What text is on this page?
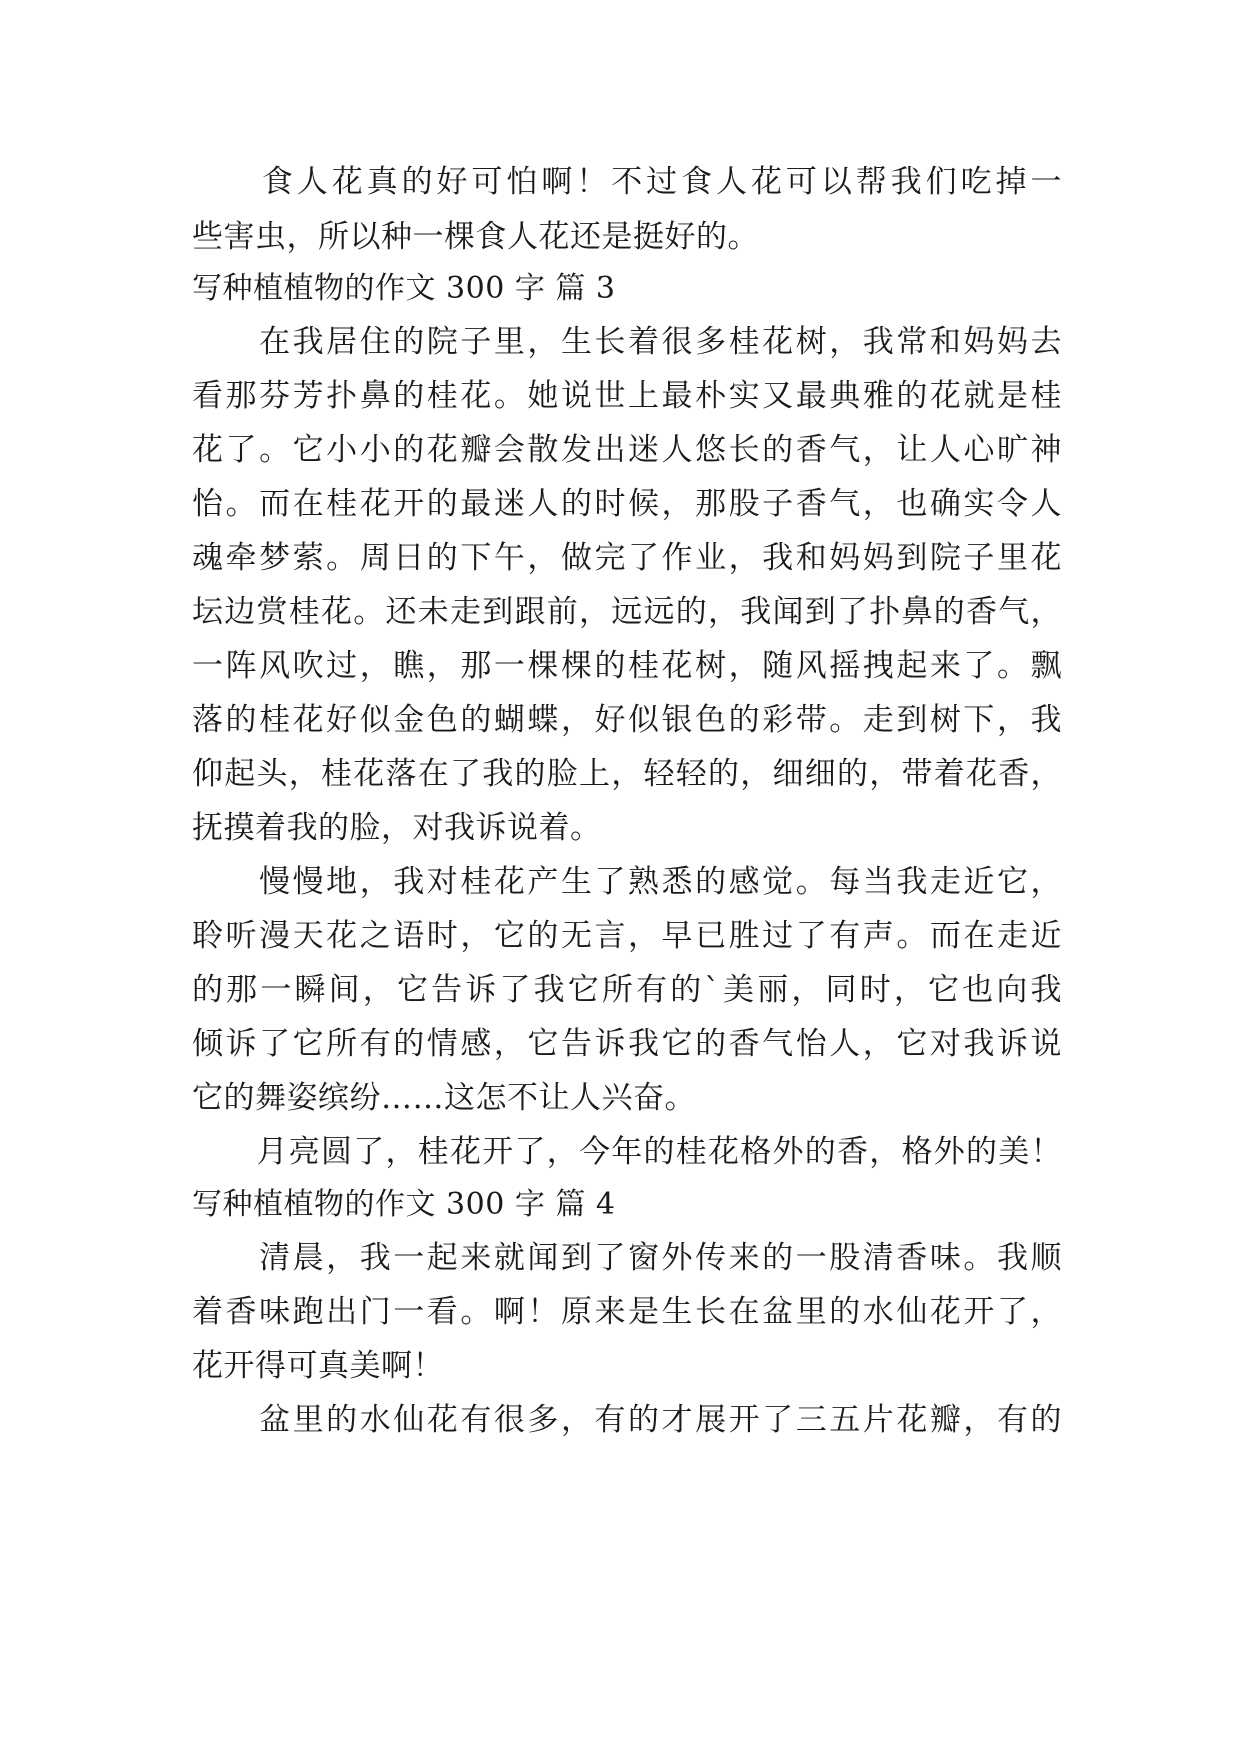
　　食人花真的好可怕啊！不过食人花可以帮我们吃掉一
些害虫，所以种一棵食人花还是挺好的。
写种植植物的作文 300 字 篇 3
　　在我居住的院子里，生长着很多桂花树，我常和妈妈去
看那芬芳扑鼻的桂花。她说世上最朴实又最典雅的花就是桂
花了。它小小的花瓣会散发出迷人悠长的香气，让人心旷神
怡。而在桂花开的最迷人的时候，那股子香气，也确实令人
魂牵梦萦。周日的下午，做完了作业，我和妈妈到院子里花
坛边赏桂花。还未走到跟前，远远的，我闻到了扑鼻的香气，
一阵风吹过，瞧，那一棵棵的桂花树，随风摇拽起来了。飘
落的桂花好似金色的蝴蝶，好似银色的彩带。走到树下，我
仰起头，桂花落在了我的脸上，轻轻的，细细的，带着花香，
抚摸着我的脸，对我诉说着。
　　慢慢地，我对桂花产生了熟悉的感觉。每当我走近它，
聆听漫天花之语时，它的无言，早已胜过了有声。而在走近
的那一瞬间，它告诉了我它所有的`美丽，同时，它也向我
倾诉了它所有的情感，它告诉我它的香气怡人，它对我诉说
它的舞姿缤纷……这怎不让人兴奋。
　　月亮圆了，桂花开了，今年的桂花格外的香，格外的美！
写种植植物的作文 300 字 篇 4
　　清晨，我一起来就闻到了窗外传来的一股清香味。我顺
着香味跑出门一看。啊！原来是生长在盆里的水仙花开了，
花开得可真美啊！
　　盆里的水仙花有很多，有的才展开了三五片花瓣，有的
